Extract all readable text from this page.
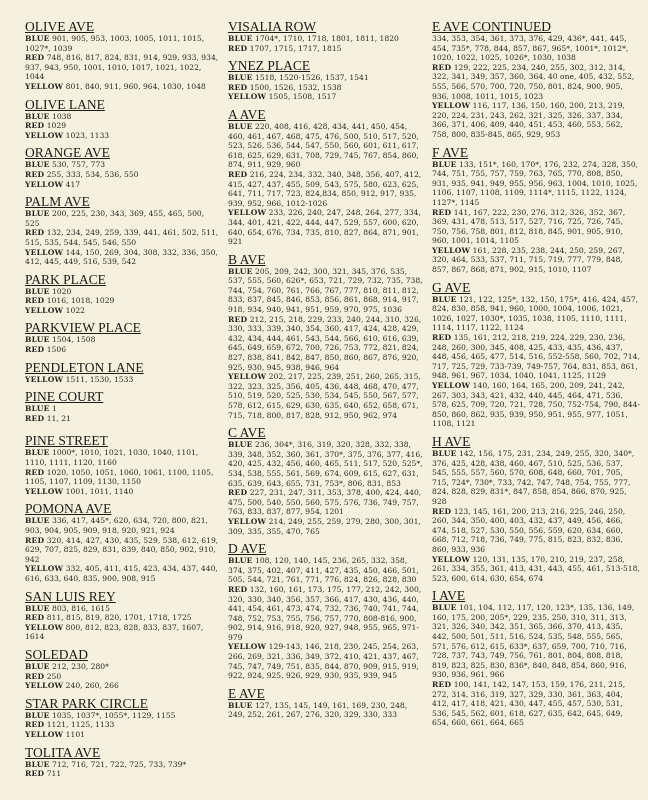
OLIVE AVE

BLUE 901, 905, 953, 1003, 1005, 1011, 1015, 1027*, 1039

RED 748, 816, 817, 824, 831, 914, 929, 933, 934, 937, 943, 950, 1001, 1010, 1017, 1021, 1022, 1044

YELLOW 801, 840, 911, 960, 964, 1030, 1048

OLIVE LANE

BLUE 1038

RED 1029

YELLOW 1023, 1133

ORANGE AVE

BLUE 530, 757, 773

RED 255, 333, 534, 536, 550

YELLOW 417

PALM AVE

BLUE 200, 225, 230, 343, 369, 455, 465, 500, 525

RED 132, 234, 249, 259, 339, 441, 461, 502, 511, 515, 535, 544, 545, 546, 550

YELLOW 144, 150, 269, 304, 308, 332, 336, 350, 412, 445, 449, 516, 539, 542

PARK PLACE

BLUE 1020

RED 1016, 1018, 1029

YELLOW 1022

PARKVIEW PLACE

BLUE 1504, 1508

RED 1506

PENDLETON LANE

YELLOW 1511, 1530, 1533

PINE COURT

BLUE 1

RED 11, 21

PINE STREET

BLUE 1000*, 1010, 1021, 1030, 1040, 1101, 1110, 1111, 1120, 1160

RED 1020, 1050, 1051, 1060, 1061, 1100, 1105, 1105, 1107, 1109, 1130, 1150

YELLOW 1001, 1011, 1140

POMONA AVE

BLUE 336, 417, 445*, 620, 634, 720, 800, 821, 903, 904, 905, 909, 918, 920, 921, 924

RED 320, 414, 427, 430, 435, 529, 538, 612, 619, 629, 707, 825, 829, 831, 839, 840, 850, 902, 910, 942

YELLOW 332, 405, 411, 415, 423, 434, 437, 440, 616, 633, 640, 835, 900, 908, 915

SAN LUIS REY

BLUE 803, 816, 1615

RED 811, 815, 819, 820, 1701, 1718, 1725

YELLOW 800, 812, 823, 828, 833, 837, 1607, 1614

SOLEDAD

BLUE 212, 230, 280*

RED 250

YELLOW 240, 260, 266

STAR PARK CIRCLE

BLUE 1035, 1037*, 1055*, 1129, 1155

RED 1121, 1125, 1133

YELLOW 1101

TOLITA AVE

BLUE 712, 716, 721, 722, 725, 733, 739*

RED 711

VISALIA ROW

BLUE 1704*, 1710, 1718, 1801, 1811, 1820

RED 1707, 1715, 1717, 1815

YNEZ PLACE

BLUE 1518, 1520-1526, 1537, 1541

RED 1500, 1526, 1532, 1538

YELLOW 1505, 1508, 1517

A AVE

BLUE 220, 408, 416, 428, 434, 441, 450, 454, 460, 461, 467, 468, 475, 476, 500, 510, 517, 520, 523, 526, 536, 544, 547, 550, 560, 601, 611, 617, 618, 625, 629, 631, 708, 729, 745, 767, 854, 860, 874, 911, 929, 960

RED 216, 224, 234, 332, 340, 348, 356, 407, 412, 415, 427, 437, 455, 509, 543, 575, 580, 623, 625, 641, 711, 717, 723, 824,834, 850, 912, 917, 935, 939, 952, 966, 1012-1026

YELLOW 233, 226, 240, 247, 248, 264, 277, 334, 344, 401, 421, 422, 444, 447, 529, 557, 600, 620, 640, 654, 676, 734, 735, 810, 827, 864, 871, 901, 921

B AVE

BLUE 205, 209, 242, 300, 321, 345, 376, 535, 537, 555, 560, 626*, 653, 721, 729, 732, 735, 738, 744, 754, 760, 761, 766, 767, 777, 810, 811, 812, 833, 837, 845, 846, 853, 856, 861, 868, 914, 917, 918, 934, 940, 941, 951, 959, 970, 975, 1036

RED 212, 215, 218, 229, 233, 240, 244, 310, 326, 330, 333, 339, 340, 354, 360, 417, 424, 428, 429, 432, 434, 444, 461, 543, 544, 566, 610, 616, 639, 645, 649, 659, 672, 700, 726, 753, 772, 821, 824, 827, 838, 841, 842, 847, 850, 860, 867, 876, 920, 925, 930, 945, 938, 946, 964

YELLOW 202, 217, 225, 239, 251, 260, 265, 315, 322, 323, 325, 356, 405, 436, 448, 468, 470, 477, 510, 519, 520, 525, 530, 534, 545, 550, 567, 577, 578, 612, 615, 629, 630, 635, 640, 652, 658, 671, 715, 718, 800, 817, 828, 912, 950, 962, 974

C AVE

BLUE 236, 304*, 316, 319, 320, 328, 332, 338, 339, 348, 352, 360, 361, 370*, 375, 376, 377, 416, 420, 425, 432, 456, 460, 465, 511, 517, 520, 525*, 534, 538, 555, 561, 569, 674, 609, 615, 627, 631, 635, 639, 643, 655, 731, 753*, 806, 831, 853

RED 227, 231, 247, 311, 353, 378, 400, 424, 440, 475, 500, 540, 550, 560, 575, 576, 736, 749, 757, 763, 833, 837, 877, 954, 1201

YELLOW 214, 249, 255, 259, 279, 280, 300, 301, 309, 335, 355, 470, 765

D AVE

BLUE 108, 120, 140, 145, 236, 265, 332, 358, 374, 375, 402, 407, 411, 427, 435, 450, 466, 501, 505, 544, 721, 761, 771, 776, 824, 826, 828, 830

RED 132, 160, 161, 173, 175, 177, 212, 242, 300, 320, 330, 340, 356, 357, 366, 417, 430, 436, 440, 441, 454, 461, 473, 474, 732, 736, 740, 741, 744, 748, 752, 753, 755, 756, 757, 770, 808-816, 900, 902, 914, 916, 918, 920, 927, 948, 955, 965, 971-979

YELLOW 129-143, 146, 218, 230, 245, 254, 263, 266, 269, 321, 336, 349, 372, 410, 421, 437, 467, 745, 747, 749, 751, 835, 844, 870, 909, 915, 919, 922, 924, 925, 926, 929, 930, 935, 939, 945

E AVE

BLUE 127, 135, 145, 149, 161, 169, 230, 248, 249, 252, 261, 267, 276, 320, 329, 330, 333

E AVE CONTINUED

334, 353, 354, 361, 373, 376, 429, 436*, 441, 445, 454, 735*, 778, 844, 857, 867, 965*, 1001*, 1012*, 1020, 1022, 1025, 1026*, 1030, 1038

RED 129, 222, 225, 234, 240, 255, 302, 312, 314, 322, 341, 349, 357, 360, 364, 40 one, 405, 432, 552, 555, 566, 570, 700, 720, 750, 801, 824, 900, 905, 936, 1008, 1011, 1015, 1023

YELLOW 116, 117, 136, 150, 160, 200, 213, 219, 220, 224, 231, 243, 262, 321, 325, 326, 337, 334, 366, 371, 406, 409, 440, 451, 453, 460, 553, 562, 758, 800, 835-845, 865, 929, 953

F AVE

BLUE 133, 151*, 160, 170*, 176, 232, 274, 328, 350, 744, 751, 755, 757, 759, 763, 765, 770, 808, 850, 931, 935, 941, 949, 955, 956, 963, 1004, 1010, 1025, 1106, 1107, 1108, 1109, 1114*, 1115, 1122, 1124, 1127*, 1145

RED 141, 167, 222, 230, 276, 312, 326, 352, 367, 369, 431, 478, 513, 517, 527, 716, 725, 726, 745, 750, 756, 758, 801, 812, 818, 845, 901, 905, 910, 960, 1001, 1014, 1105

YELLOW 161, 228, 235, 238, 244, 250, 259, 267, 320, 464, 533, 537, 711, 715, 719, 777, 779, 848, 857, 867, 868, 871, 902, 915, 1010, 1107

G AVE

BLUE 121, 122, 125*, 132, 150, 175*, 416, 424, 457, 824, 830, 858, 941, 960, 1000, 1004, 1006, 1021, 1026, 1027, 1030*, 1035, 1038, 1105, 1110, 1111, 1114, 1117, 1122, 1124

RED 135, 161, 212, 218, 219, 224, 229, 230, 236, 248, 260, 300, 345, 408, 425, 433, 435, 436, 437, 448, 456, 465, 477, 514, 516, 552-558, 560, 702, 714, 717, 725, 729, 733-739, 749-757, 764, 831, 853, 861, 948, 961, 967, 1034, 1040, 1041, 1125, 1129

YELLOW 140, 160, 164, 165, 200, 209, 241, 242, 267, 303, 343, 421, 432, 440, 445, 464, 471, 536, 578, 625, 709, 720, 721, 728, 750, 752-754, 790, 844-850, 860, 862, 935, 939, 950, 951, 955, 977, 1051, 1108, 1121

H AVE

BLUE 142, 156, 175, 231, 234, 249, 255, 320, 340*, 376, 425, 428, 438, 460, 467, 510, 525, 536, 537, 545, 555, 557, 560, 570, 608, 648, 660, 701, 705, 715, 724*, 730*, 733, 742, 747, 748, 754, 755, 777, 824, 828, 829, 831*, 847, 858, 854, 866, 870, 925, 928

RED 123, 145, 161, 200, 213, 216, 225, 246, 250, 260, 344, 350, 400, 403, 432, 437, 449, 456, 466, 474, 518, 527, 530, 550, 556, 559, 620, 634, 660, 668, 712, 718, 736, 749, 775, 815, 823, 832, 836, 860, 933, 936

YELLOW 120, 131, 135, 170, 210, 219, 237, 258, 261, 334, 355, 361, 413, 431, 443, 455, 461, 513-518, 523, 600, 614, 630, 654, 674

I AVE

BLUE 101, 104, 112, 117, 120, 123*, 135, 136, 149, 160, 175, 200, 205*, 229, 235, 250, 310, 311, 313, 321, 326, 340, 342, 351, 365, 366, 370, 413, 435, 442, 500, 501, 511, 516, 524, 535, 548, 555, 565, 571, 576, 612, 615, 633*, 637, 659, 700, 710, 716, 728, 737, 743, 749, 756, 761, 801, 804, 808, 818, 819, 823, 825, 830, 836*, 840, 848, 854, 860, 916, 930, 936, 961, 966

RED 100, 141, 142, 147, 153, 159, 176, 211, 215, 272, 314, 316, 319, 327, 329, 330, 361, 363, 404, 412, 417, 418, 421, 430, 447, 455, 457, 530, 531, 536, 545, 562, 601, 618, 627, 635, 642, 645, 649, 654, 660, 661, 664, 665
